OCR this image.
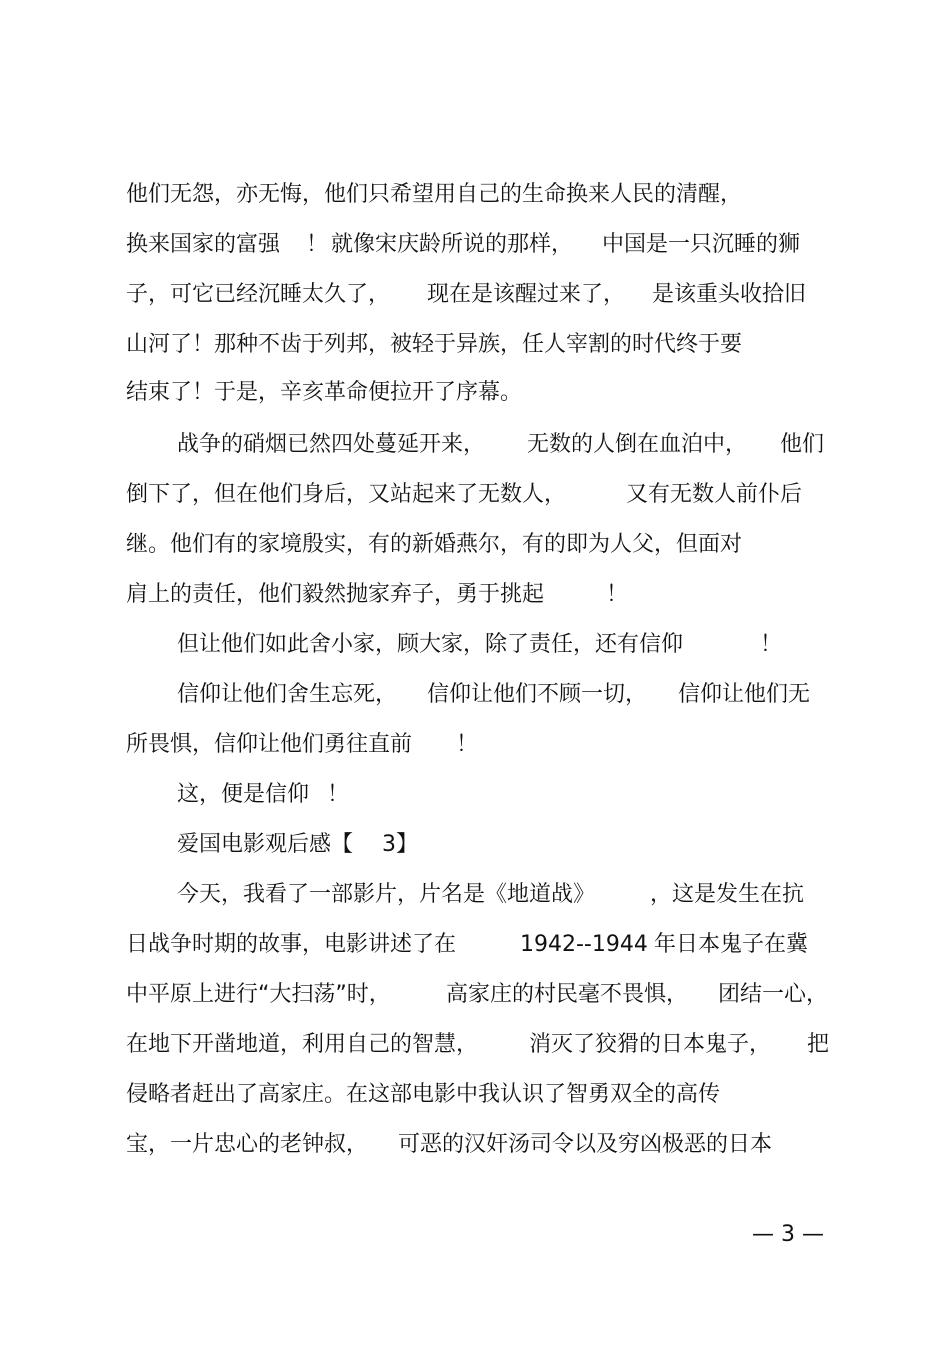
他们无怨，亦无悔，他们只希望用自己的生命换来人民的清醒，

换来国家的富强

！

就像宋庆龄所说的那样，

中国是一只沉睡的狮

子，可它已经沉睡太久了，

现在是该醒过来了，

是该重头收拾旧

山河了！那种不齿于列邦，被轻于异族，任人宰割的时代终于要

结束了！于是，辛亥革命便拉开了序幕。

战争的硝烟已然四处蔓延开来，

无数的人倒在血泊中，

他们

倒下了，但在他们身后，又站起来了无数人，

	又有无数人前仆后

继。他们有的家境殷实，有的新婚燕尔，有的即为人父，但面对

肩上的责任，他们毅然抛家弃子，勇于挑起

	！

但让他们如此舍小家，顾大家，除了责任，还有信仰

	！

信仰让他们舍生忘死，

信仰让他们不顾一切，

信仰让他们无

所畏惧，信仰让他们勇往直前

！

这，便是信仰

！

爱国电影观后感【

3】

今天，我看了一部影片，片名是《地道战》

，这是发生在抗

日战争时期的故事，电影讲述了在

	1942--1944

年日本鬼子在冀

中平原上进行“大扫荡”时，

	高家庄的村民毫不畏惧，

团结一心，

在地下开凿地道，利用自己的智慧，

消灭了狡猾的日本鬼子，

把

侵略者赶出了高家庄。在这部电影中我认识了智勇双全的高传

宝，一片忠心的老钟叔，

可恶的汉奸汤司令以及穷凶极恶的日本

— 3 —
